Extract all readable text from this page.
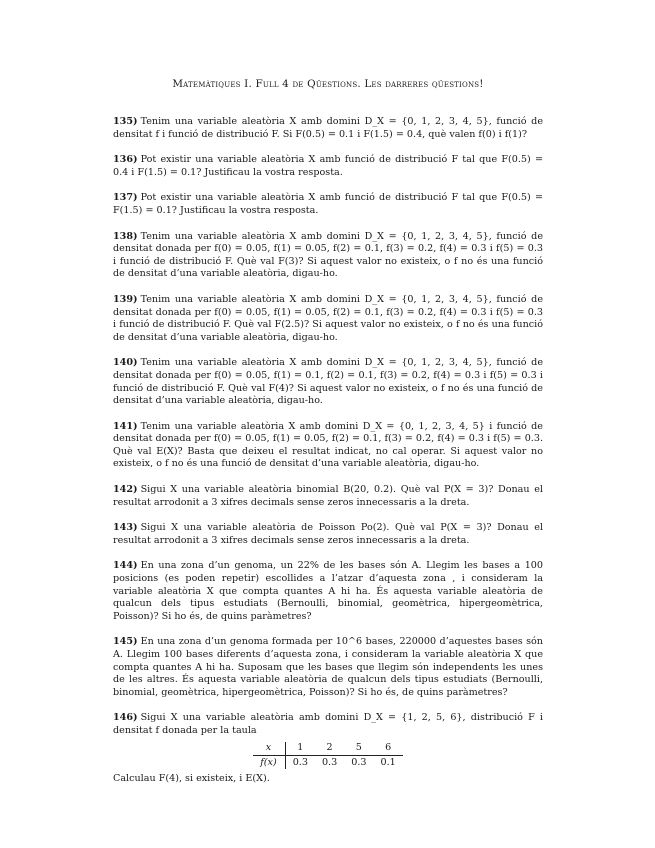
Matemàtiques I. Full 4 de Qüestions. Les darreres qüestions!
135) Tenim una variable aleatòria X amb domini D_X = {0, 1, 2, 3, 4, 5}, funció de densitat f i funció de distribució F. Si F(0.5) = 0.1 i F(1.5) = 0.4, què valen f(0) i f(1)?
136) Pot existir una variable aleatòria X amb funció de distribució F tal que F(0.5) = 0.4 i F(1.5) = 0.1? Justificau la vostra resposta.
137) Pot existir una variable aleatòria X amb funció de distribució F tal que F(0.5) = F(1.5) = 0.1? Justificau la vostra resposta.
138) Tenim una variable aleatòria X amb domini D_X = {0, 1, 2, 3, 4, 5}, funció de densitat donada per f(0) = 0.05, f(1) = 0.05, f(2) = 0.1, f(3) = 0.2, f(4) = 0.3 i f(5) = 0.3 i funció de distribució F. Què val F(3)? Si aquest valor no existeix, o f no és una funció de densitat d’una variable aleatòria, digau-ho.
139) Tenim una variable aleatòria X amb domini D_X = {0, 1, 2, 3, 4, 5}, funció de densitat donada per f(0) = 0.05, f(1) = 0.05, f(2) = 0.1, f(3) = 0.2, f(4) = 0.3 i f(5) = 0.3 i funció de distribució F. Què val F(2.5)? Si aquest valor no existeix, o f no és una funció de densitat d’una variable aleatòria, digau-ho.
140) Tenim una variable aleatòria X amb domini D_X = {0, 1, 2, 3, 4, 5}, funció de densitat donada per f(0) = 0.05, f(1) = 0.1, f(2) = 0.1, f(3) = 0.2, f(4) = 0.3 i f(5) = 0.3 i funció de distribució F. Què val F(4)? Si aquest valor no existeix, o f no és una funció de densitat d’una variable aleatòria, digau-ho.
141) Tenim una variable aleatòria X amb domini D_X = {0, 1, 2, 3, 4, 5} i funció de densitat donada per f(0) = 0.05, f(1) = 0.05, f(2) = 0.1, f(3) = 0.2, f(4) = 0.3 i f(5) = 0.3. Què val E(X)? Basta que deixeu el resultat indicat, no cal operar. Si aquest valor no existeix, o f no és una funció de densitat d’una variable aleatòria, digau-ho.
142) Sigui X una variable aleatòria binomial B(20, 0.2). Què val P(X = 3)? Donau el resultat arrodonit a 3 xifres decimals sense zeros innecessaris a la dreta.
143) Sigui X una variable aleatòria de Poisson Po(2). Què val P(X = 3)? Donau el resultat arrodonit a 3 xifres decimals sense zeros innecessaris a la dreta.
144) En una zona d’un genoma, un 22% de les bases són A. Llegim les bases a 100 posicions (es poden repetir) escollides a l’atzar d’aquesta zona , i consideram la variable aleatòria X que compta quantes A hi ha. És aquesta variable aleatòria de qualcun dels tipus estudiats (Bernoulli, binomial, geomètrica, hipergeomètrica, Poisson)? Si ho és, de quins paràmetres?
145) En una zona d’un genoma formada per 10^6 bases, 220000 d’aquestes bases són A. Llegim 100 bases diferents d’aquesta zona, i consideram la variable aleatòria X que compta quantes A hi ha. Suposam que les bases que llegim són independents les unes de les altres. És aquesta variable aleatòria de qualcun dels tipus estudiats (Bernoulli, binomial, geomètrica, hipergeomètrica, Poisson)? Si ho és, de quins paràmetres?
146) Sigui X una variable aleatòria amb domini D_X = {1, 2, 5, 6}, distribució F i densitat f donada per la taula
x	1	2	5	6
f(x)	0.3	0.3	0.3	0.1
Calculau F(4), si existeix, i E(X).
